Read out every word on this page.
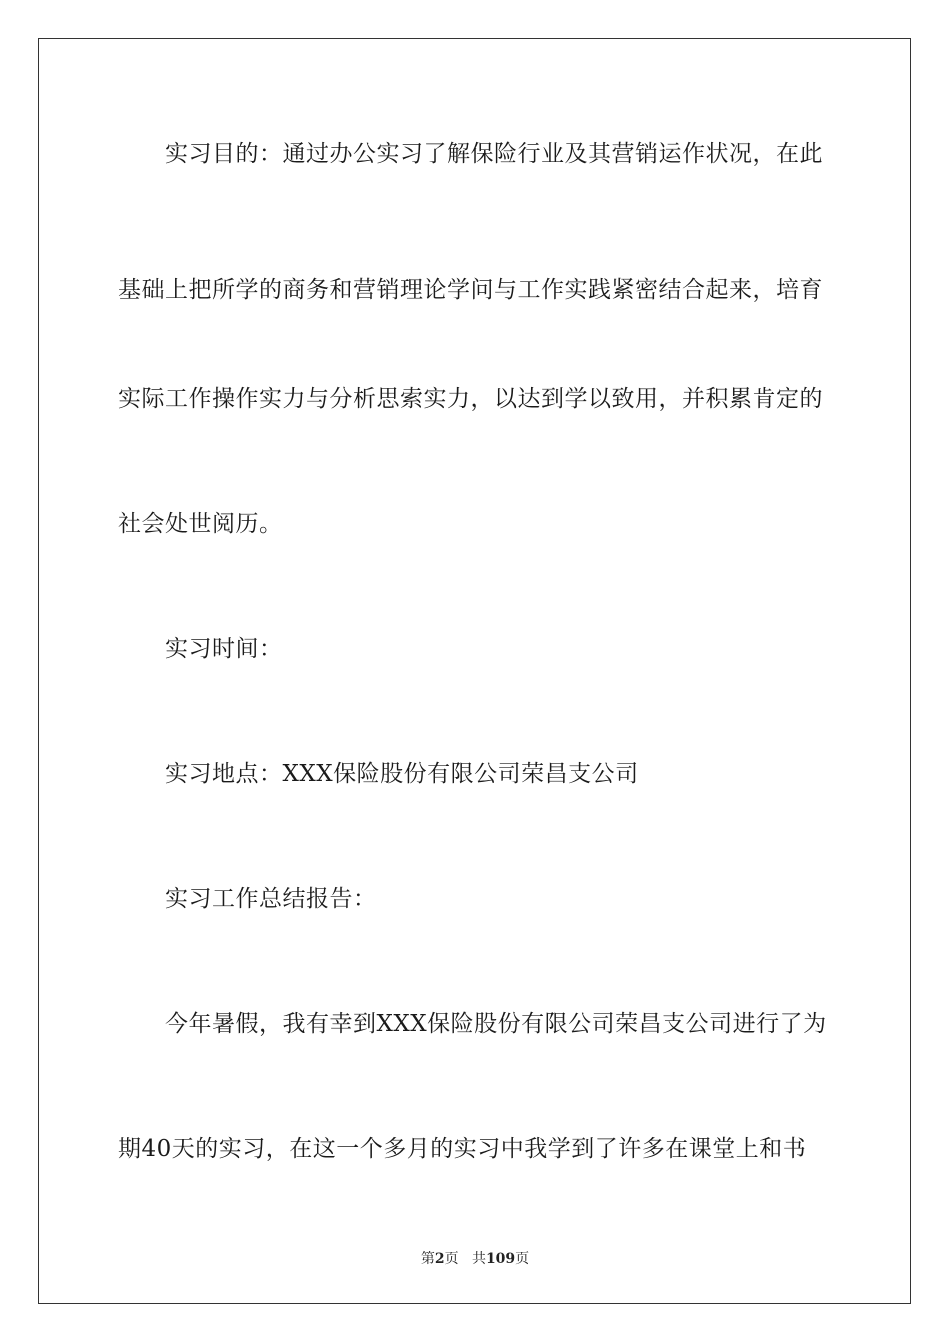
实习目的：通过办公实习了解保险行业及其营销运作状况，在此
基础上把所学的商务和营销理论学问与工作实践紧密结合起来，培育
实际工作操作实力与分析思索实力，以达到学以致用，并积累肯定的
社会处世阅历。
实习时间：
实习地点：XXX保险股份有限公司荣昌支公司
实习工作总结报告：
今年暑假，我有幸到XXX保险股份有限公司荣昌支公司进行了为
期40天的实习，在这一个多月的实习中我学到了许多在课堂上和书
第2页 共109页
